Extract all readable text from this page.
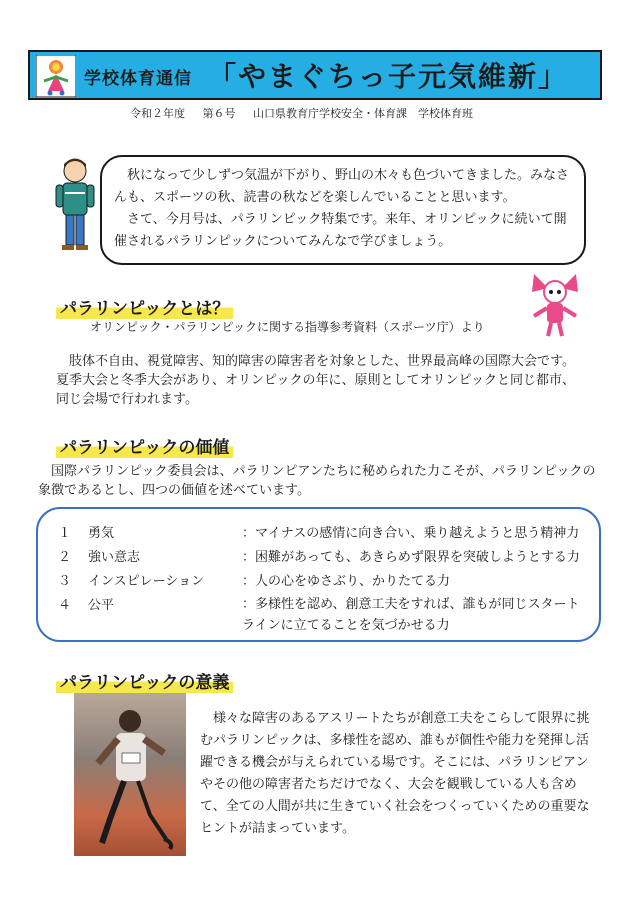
学校体育通信 「やまぐちっ子元気維新」
令和２年度 第６号 山口県教育庁学校安全・体育課　学校体育班

秋になって少しずつ気温が下がり、野山の木々も色づいてきました。みなさんも、スポーツの秋、読書の秋などを楽しんでいることと思います。

さて、今月号は、パラリンピック特集です。来年、オリンピックに続いて開催されるパラリンピックについてみんなで学びましょう。

パラリンピックとは？
オリンピック・パラリンピックに関する指導参考資料（スポーツ庁）より

肢体不自由、視覚障害、知的障害の障害者を対象とした、世界最高峰の国際大会です。夏季大会と冬季大会があり、オリンピックの年に、原則としてオリンピックと同じ都市、同じ会場で行われます。

パラリンピックの価値

国際パラリンピック委員会は、パラリンピアンたちに秘められた力こそが、パラリンピックの象徴であるとし、四つの価値を述べています。

１ 勇気	：マイナスの感情に向き合い、乗り越えようと思う精神力
２ 強い意志	：困難があっても、あきらめず限界を突破しようとする力
３ インスピレーション	：人の心をゆさぶり、かりたてる力
４	公平	：多様性を認め、創意工夫をすれば、誰もが同じスタートラインに立てることを気づかせる力
パラリンピックの意義

様々な障害のあるアスリートたちが創意工夫をこらして限界に挑むパラリンピックは、多様性を認め、誰もが個性や能力を発揮し活躍できる機会が与えられている場です。そこには、パラリンピアンやその他の障害者たちだけでなく、大会を観戦している人も含めて、全ての人間が共に生きていく社会をつくっていくための重要なヒントが詰まっています。
